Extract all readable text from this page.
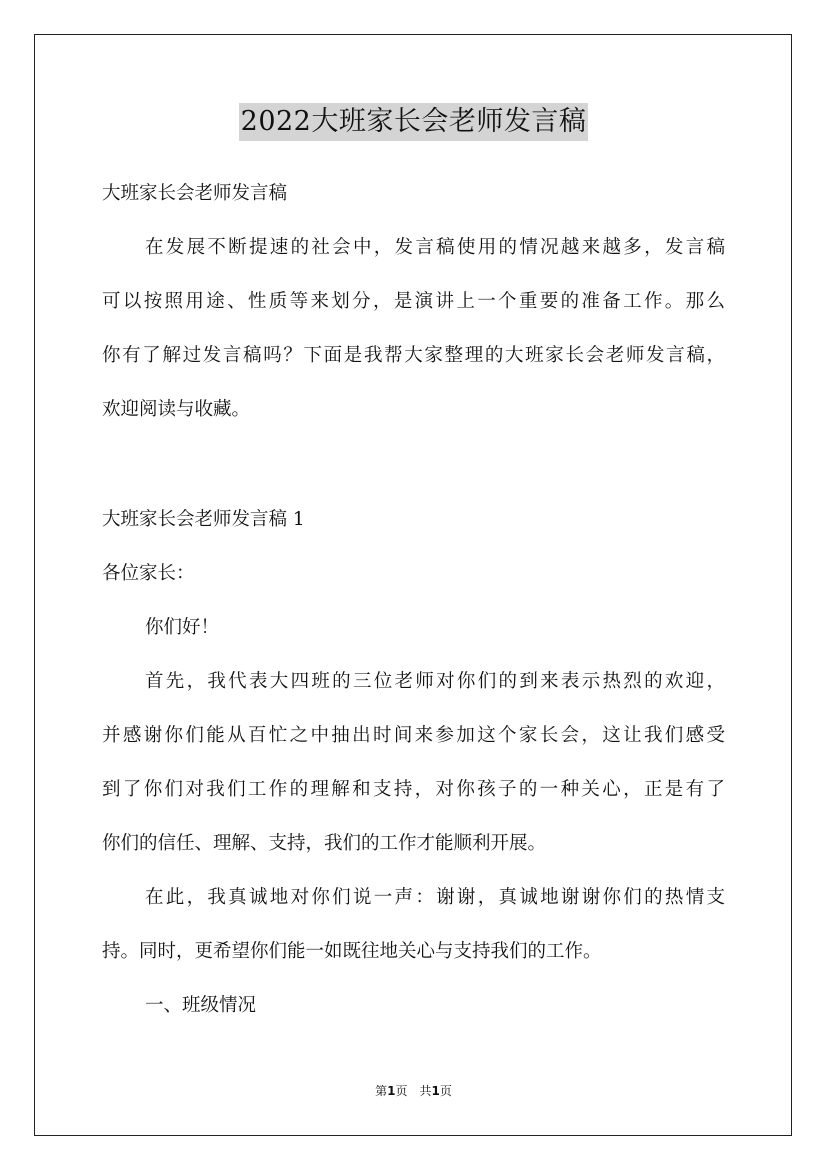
2022大班家长会老师发言稿

大班家长会老师发言稿

在发展不断提速的社会中，发言稿使用的情况越来越多，发言稿

可以按照用途、性质等来划分，是演讲上一个重要的准备工作。那么

你有了解过发言稿吗？下面是我帮大家整理的大班家长会老师发言稿，

欢迎阅读与收藏。

大班家长会老师发言稿 1

各位家长：

你们好！

首先，我代表大四班的三位老师对你们的到来表示热烈的欢迎，

并感谢你们能从百忙之中抽出时间来参加这个家长会，这让我们感受

到了你们对我们工作的理解和支持，对你孩子的一种关心，正是有了

你们的信任、理解、支持，我们的工作才能顺利开展。

在此，我真诚地对你们说一声：谢谢，真诚地谢谢你们的热情支

持。同时，更希望你们能一如既往地关心与支持我们的工作。

一、班级情况

第1页　共1页
